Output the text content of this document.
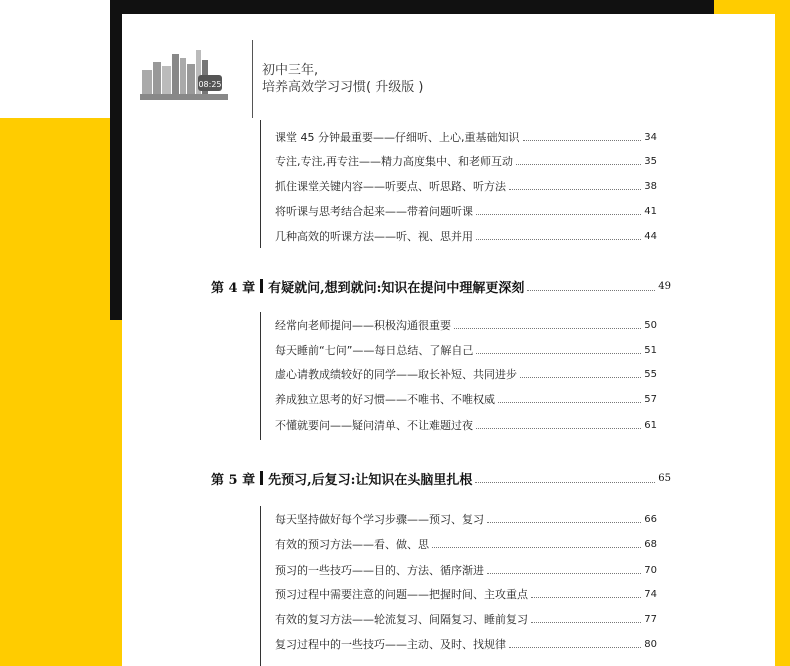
08:25
初中三年,
培养高效学习习惯( 升级版 )
课堂 45 分钟最重要——仔细听、上心,重基础知识	34
专注,专注,再专注——精力高度集中、和老师互动	35
抓住课堂关键内容——听要点、听思路、听方法	38
将听课与思考结合起来——带着问题听课	41
几种高效的听课方法——听、视、思并用	44
第 4 章 有疑就问,想到就问:知识在提问中理解更深刻	49
经常向老师提问——积极沟通很重要	50
每天睡前“七问”——每日总结、了解自己	51
虚心请教成绩较好的同学——取长补短、共同进步	55
养成独立思考的好习惯——不唯书、不唯权威	57
不懂就要问——疑问清单、不让难题过夜	61
第 5 章 先预习,后复习:让知识在头脑里扎根	65
每天坚持做好每个学习步骤——预习、复习	66
有效的预习方法——看、做、思	68
预习的一些技巧——目的、方法、循序渐进	70
预习过程中需要注意的问题——把握时间、主攻重点	74
有效的复习方法——轮流复习、间隔复习、睡前复习	77
复习过程中的一些技巧——主动、及时、找规律	80
